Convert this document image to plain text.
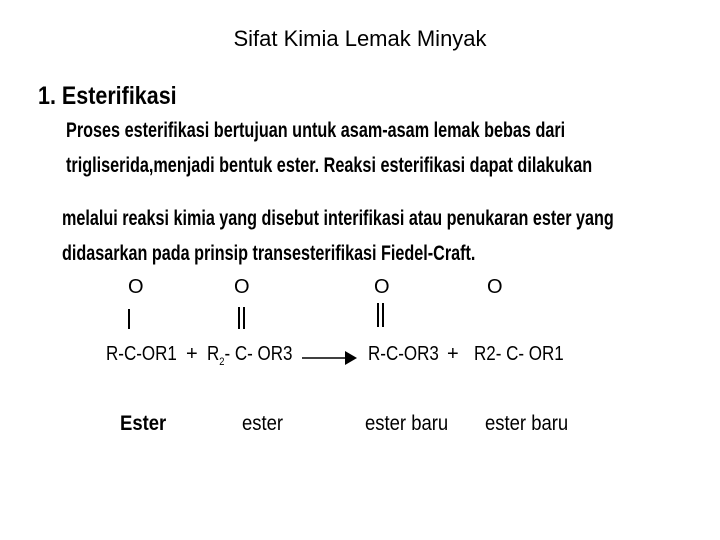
Sifat Kimia Lemak Minyak
1. Esterifikasi
Proses esterifikasi bertujuan untuk asam-asam lemak bebas dari
trigliserida,menjadi bentuk ester. Reaksi esterifikasi dapat dilakukan
melalui reaksi kimia yang disebut interifikasi atau penukaran ester yang
didasarkan pada prinsip transesterifikasi Fiedel-Craft.
O	O	O	O
$R-C-OR1 + R_2-$ C- OR3 → R-C-OR3 + R2- C- OR1
Ester	ester	ester baru ester baru
